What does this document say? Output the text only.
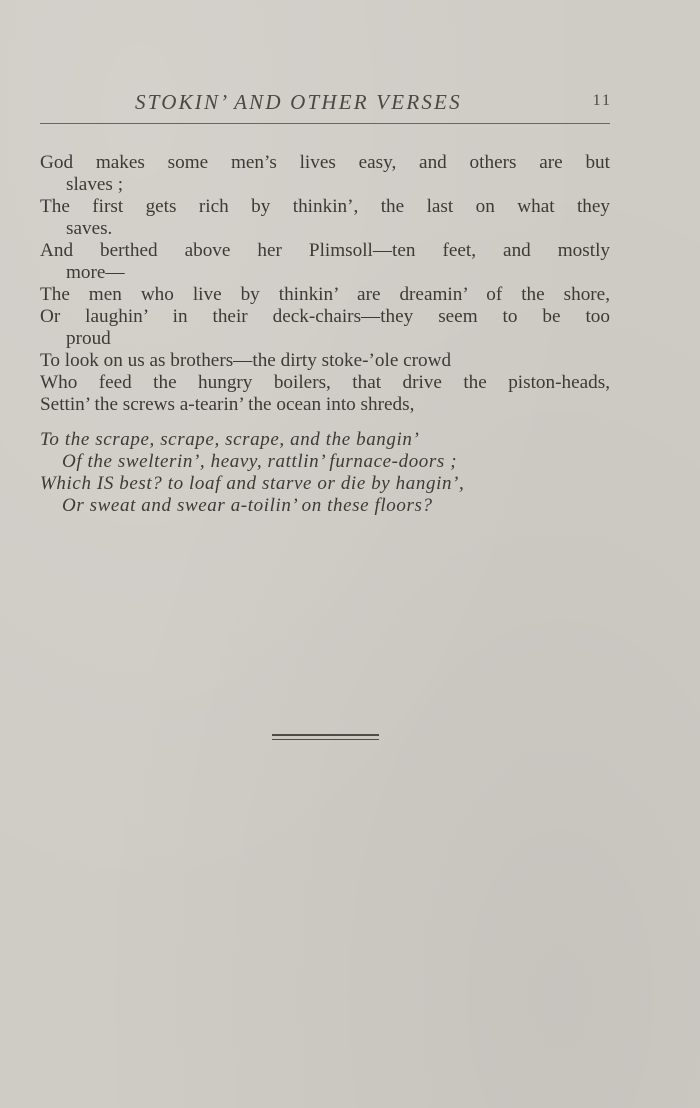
STOKIN’ AND OTHER VERSES	11
God makes some men’s lives easy, and others are but
slaves ;
The first gets rich by thinkin’, the last on what they
saves.
And berthed above her Plimsoll—ten feet, and mostly
more—
The men who live by thinkin’ are dreamin’ of the shore,
Or laughin’ in their deck-chairs—they seem to be too
proud
To look on us as brothers—the dirty stoke-’ole crowd
Who feed the hungry boilers, that drive the piston-heads,
Settin’ the screws a-tearin’ the ocean into shreds,
To the scrape, scrape, scrape, and the bangin’
Of the swelterin’, heavy, rattlin’ furnace-doors ;
Which IS best? to loaf and starve or die by hangin’,
Or sweat and swear a-toilin’ on these floors?
